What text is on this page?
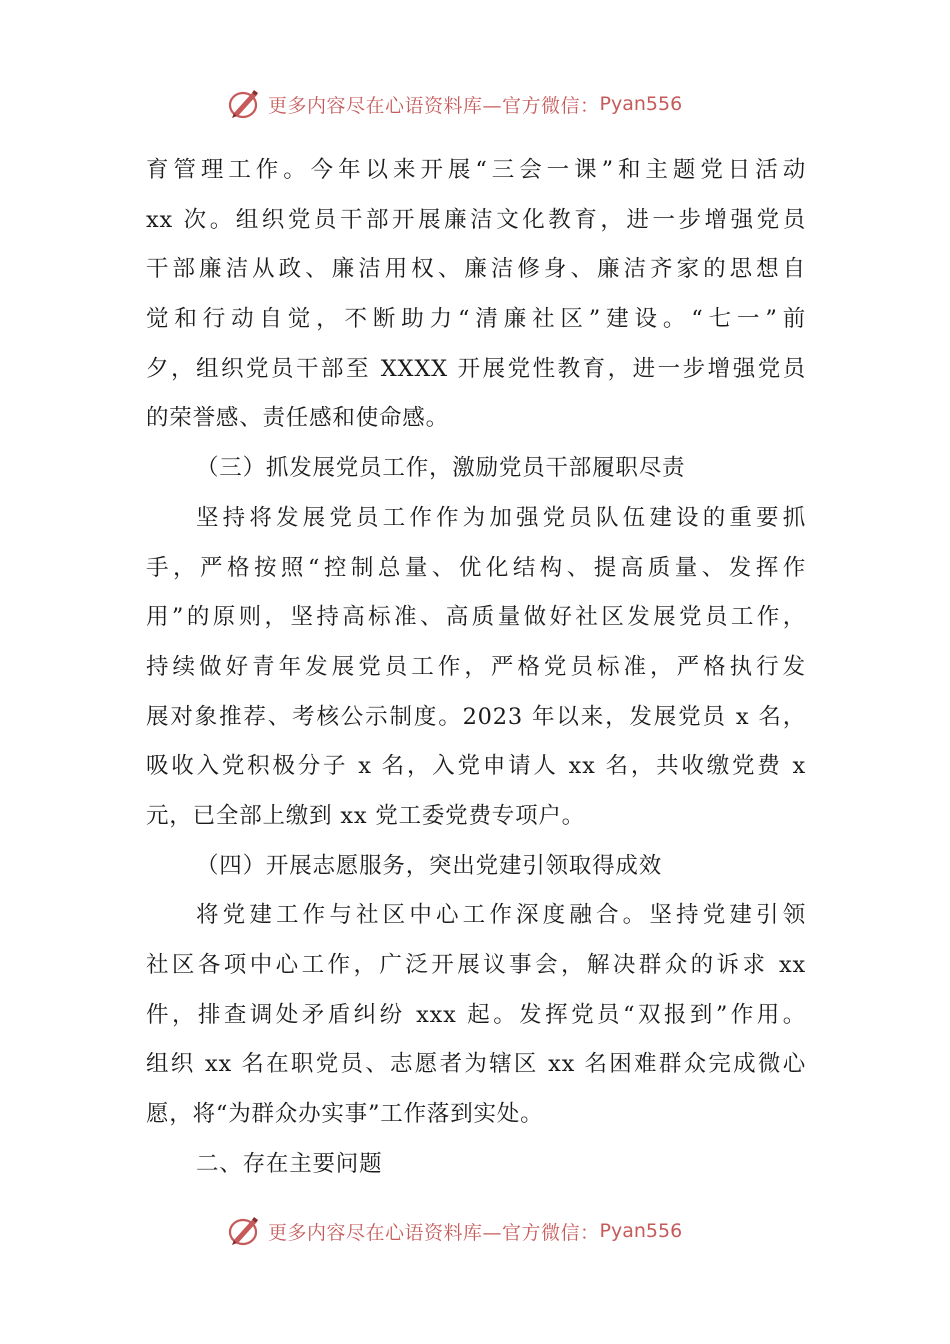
更多内容尽在心语资料库—官方微信： Pyan556
育管理工作。今年以来开展“三会一课”和主题党日活动
xx 次。组织党员干部开展廉洁文化教育，进一步增强党员
干部廉洁从政、廉洁用权、廉洁修身、廉洁齐家的思想自
觉和行动自觉，不断助力“清廉社区”建设。“七一”前
夕，组织党员干部至 XXXX 开展党性教育，进一步增强党员
的荣誉感、责任感和使命感。
（三）抓发展党员工作，激励党员干部履职尽责
坚持将发展党员工作作为加强党员队伍建设的重要抓
手，严格按照“控制总量、优化结构、提高质量、发挥作
用”的原则，坚持高标准、高质量做好社区发展党员工作，
持续做好青年发展党员工作，严格党员标准，严格执行发
展对象推荐、考核公示制度。2023 年以来，发展党员 x 名，
吸收入党积极分子 x 名，入党申请人 xx 名，共收缴党费 x
元，已全部上缴到 xx 党工委党费专项户。
（四）开展志愿服务，突出党建引领取得成效
将党建工作与社区中心工作深度融合。坚持党建引领
社区各项中心工作，广泛开展议事会，解决群众的诉求 xx
件，排查调处矛盾纠纷 xxx 起。发挥党员“双报到”作用。
组织 xx 名在职党员、志愿者为辖区 xx 名困难群众完成微心
愿，将“为群众办实事”工作落到实处。
二、存在主要问题
更多内容尽在心语资料库—官方微信： Pyan556
